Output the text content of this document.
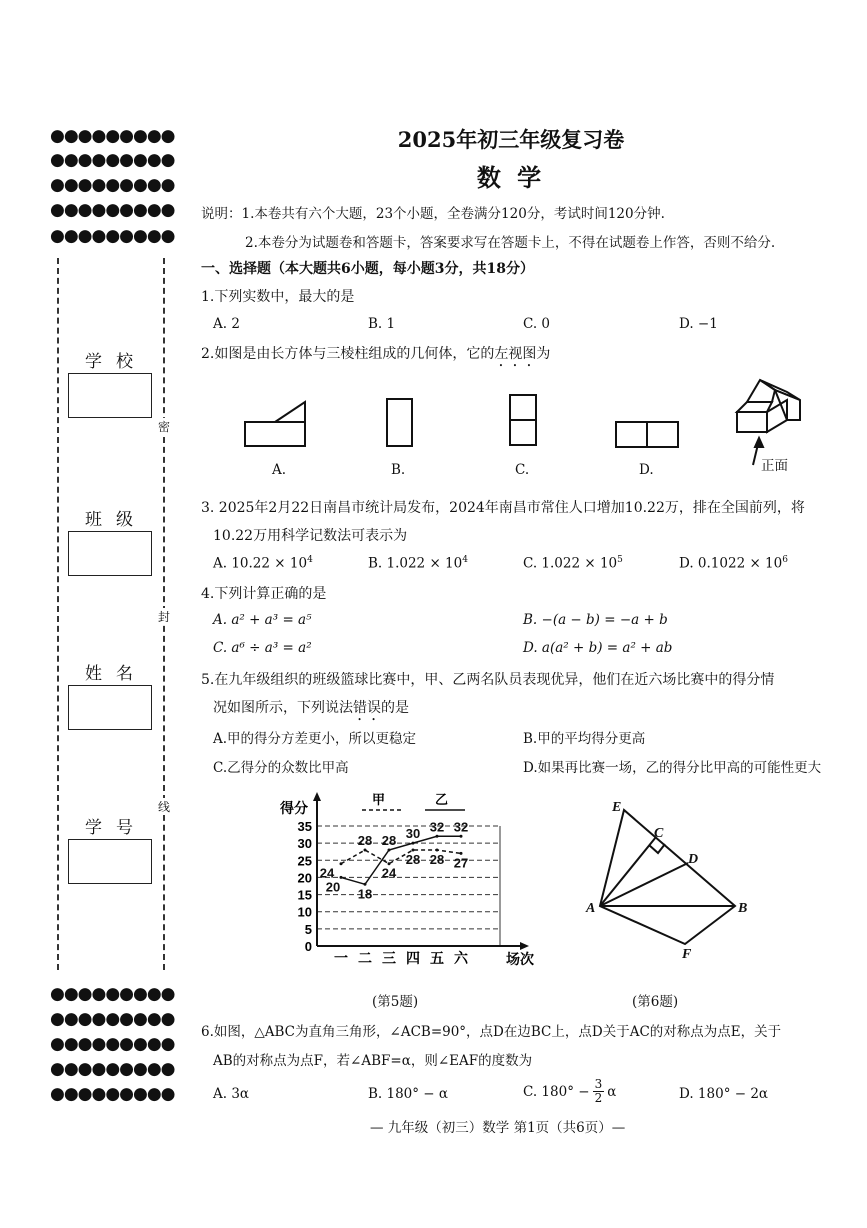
●●●●●●●●●
●●●●●●●●●
●●●●●●●●●
●●●●●●●●●
●●●●●●●●●
●●●●●●●●●
●●●●●●●●●
●●●●●●●●●
●●●●●●●●●
●●●●●●●●●
密
封
线
学校
班级
姓名
学号
2025年初三年级复习卷
数 学
说明：1.本卷共有六个大题，23个小题，全卷满分120分，考试时间120分钟.
2.本卷分为试题卷和答题卡，答案要求写在答题卡上，不得在试题卷上作答，否则不给分.
一、选择题（本大题共6小题，每小题3分，共18分）
1.下列实数中，最大的是
A. 2	B. 1	C. 0	D. −1
2.如图是由长方体与三棱柱组成的几何体，它的左视图为
A.	B.	C.	D.	正面
3. 2025年2月22日南昌市统计局发布，2024年南昌市常住人口增加10.22万，排在全国前列，将
10.22万用科学记数法可表示为
A. $10.22 \times 10^4$	B. $1.022 \times 10^4$	C. $1.022 \times 10^5$	D. $0.1022 \times 10^6$
4.下列计算正确的是
A. a² + a³ = a⁵	B. −(a − b) = −a + b
C. a⁶ ÷ a³ = a²	D. a(a² + b) = a² + ab
5.在九年级组织的班级篮球比赛中，甲、乙两名队员表现优异，他们在近六场比赛中的得分情
况如图所示，下列说法错误的是
A.甲的得分方差更小，所以更稳定	B.甲的平均得分更高
C.乙得分的众数比甲高	D.如果再比赛一场，乙的得分比甲高的可能性更大
0
5
10
15
20
25
30
35
一 二 三 四 五 六
得分
场次
甲	乙
24
28
24
28 28 27
20 18
28 30 32 32
(第5题)
E
C
D
A	B
F
(第6题)
6.如图，△ABC为直角三角形，∠ACB=90°，点D在边BC上，点D关于AC的对称点为点E，关于
AB的对称点为点F，若∠ABF=α，则∠EAF的度数为
A. 3α	B. 180° − α	C. $180^\circ - \frac{3}{2}$ α	D. 180° − 2α
— 九年级（初三）数学 第1页（共6页）—
